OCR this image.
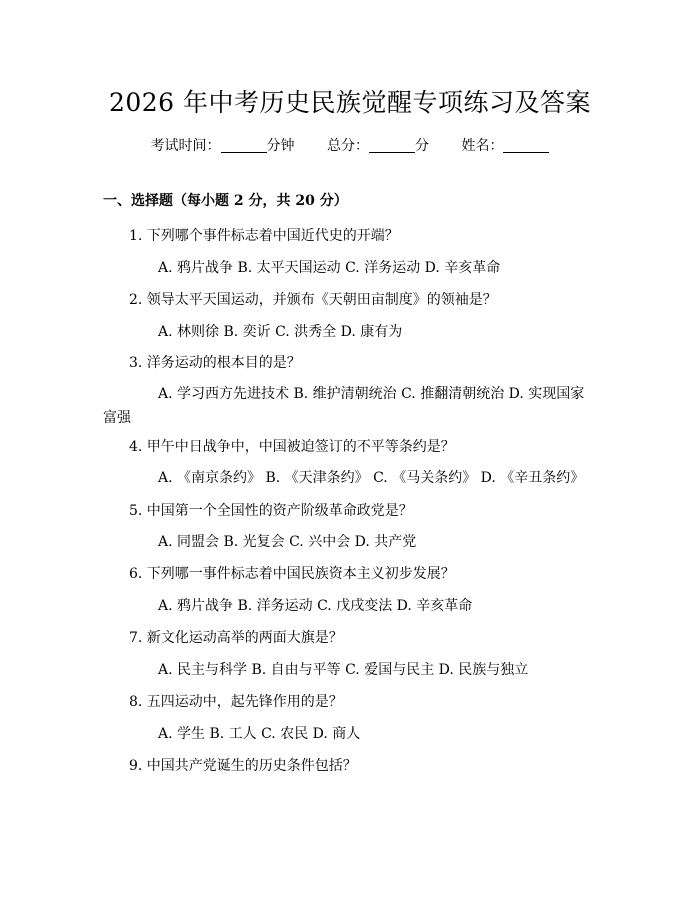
2026 年中考历史民族觉醒专项练习及答案
考试时间：	分钟 总分：	分 姓名：
一、选择题（每小题 2 分，共 20 分）
1. 下列哪个事件标志着中国近代史的开端？
A. 鸦片战争 B. 太平天国运动 C. 洋务运动 D. 辛亥革命
2. 领导太平天国运动，并颁布《天朝田亩制度》的领袖是？
A. 林则徐 B. 奕䜣 C. 洪秀全 D. 康有为
3. 洋务运动的根本目的是？
A. 学习西方先进技术 B. 维护清朝统治 C. 推翻清朝统治 D. 实现国家富强
4. 甲午中日战争中，中国被迫签订的不平等条约是？
A. 《南京条约》 B. 《天津条约》 C. 《马关条约》 D. 《辛丑条约》
5. 中国第一个全国性的资产阶级革命政党是？
A. 同盟会 B. 光复会 C. 兴中会 D. 共产党
6. 下列哪一事件标志着中国民族资本主义初步发展？
A. 鸦片战争 B. 洋务运动 C. 戊戌变法 D. 辛亥革命
7. 新文化运动高举的两面大旗是？
A. 民主与科学 B. 自由与平等 C. 爱国与民主 D. 民族与独立
8. 五四运动中，起先锋作用的是？
A. 学生 B. 工人 C. 农民 D. 商人
9. 中国共产党诞生的历史条件包括？
